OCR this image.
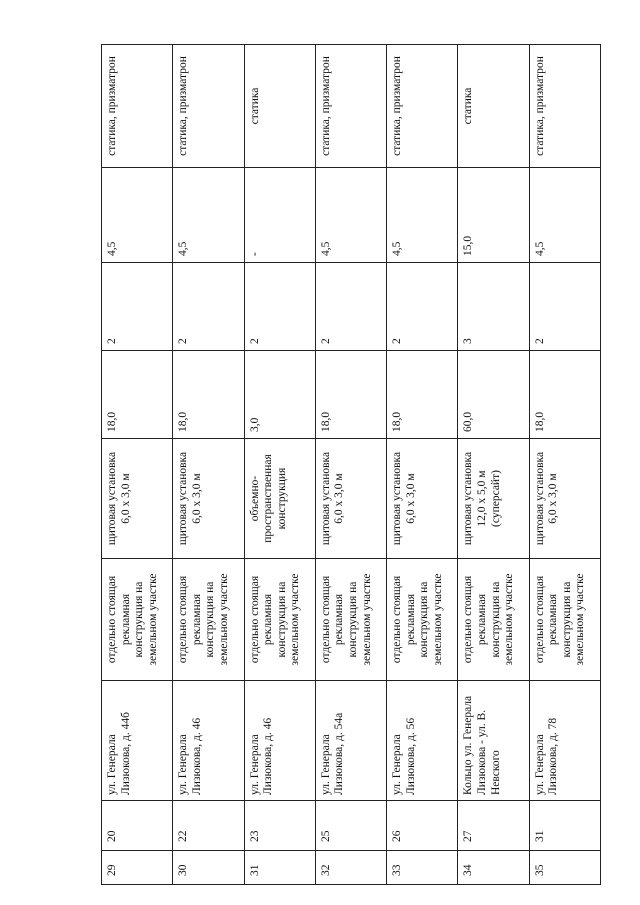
29	20	ул. Генерала Лизюкова, д. 44б	отдельно стоящая рекламная конструкция на земельном участке	щитовая установка 6,0 х 3,0 м	18,0	2	4,5	статика, призматрон
30	22	ул. Генерала Лизюкова, д. 46	отдельно стоящая рекламная конструкция на земельном участке	щитовая установка 6,0 х 3,0 м	18,0	2	4,5	статика, призматрон
31	23	ул. Генерала Лизюкова, д. 46	отдельно стоящая рекламная конструкция на земельном участке	объемно-пространственная конструкция	3,0	2	-	статика
32	25	ул. Генерала Лизюкова, д. 54а	отдельно стоящая рекламная конструкция на земельном участке	щитовая установка 6,0 х 3,0 м	18,0	2	4,5	статика, призматрон
33	26	ул. Генерала Лизюкова, д. 56	отдельно стоящая рекламная конструкция на земельном участке	щитовая установка 6,0 х 3,0 м	18,0	2	4,5	статика, призматрон
34	27	Кольцо ул. Генерала Лизюкова - ул. В. Невского	отдельно стоящая рекламная конструкция на земельном участке	щитовая установка 12,0 х 5,0 м (суперсайт)	60,0	3	15,0	статика
35	31	ул. Генерала Лизюкова, д. 78	отдельно стоящая рекламная конструкция на земельном участке	щитовая установка 6,0 х 3,0 м	18,0	2	4,5	статика, призматрон
